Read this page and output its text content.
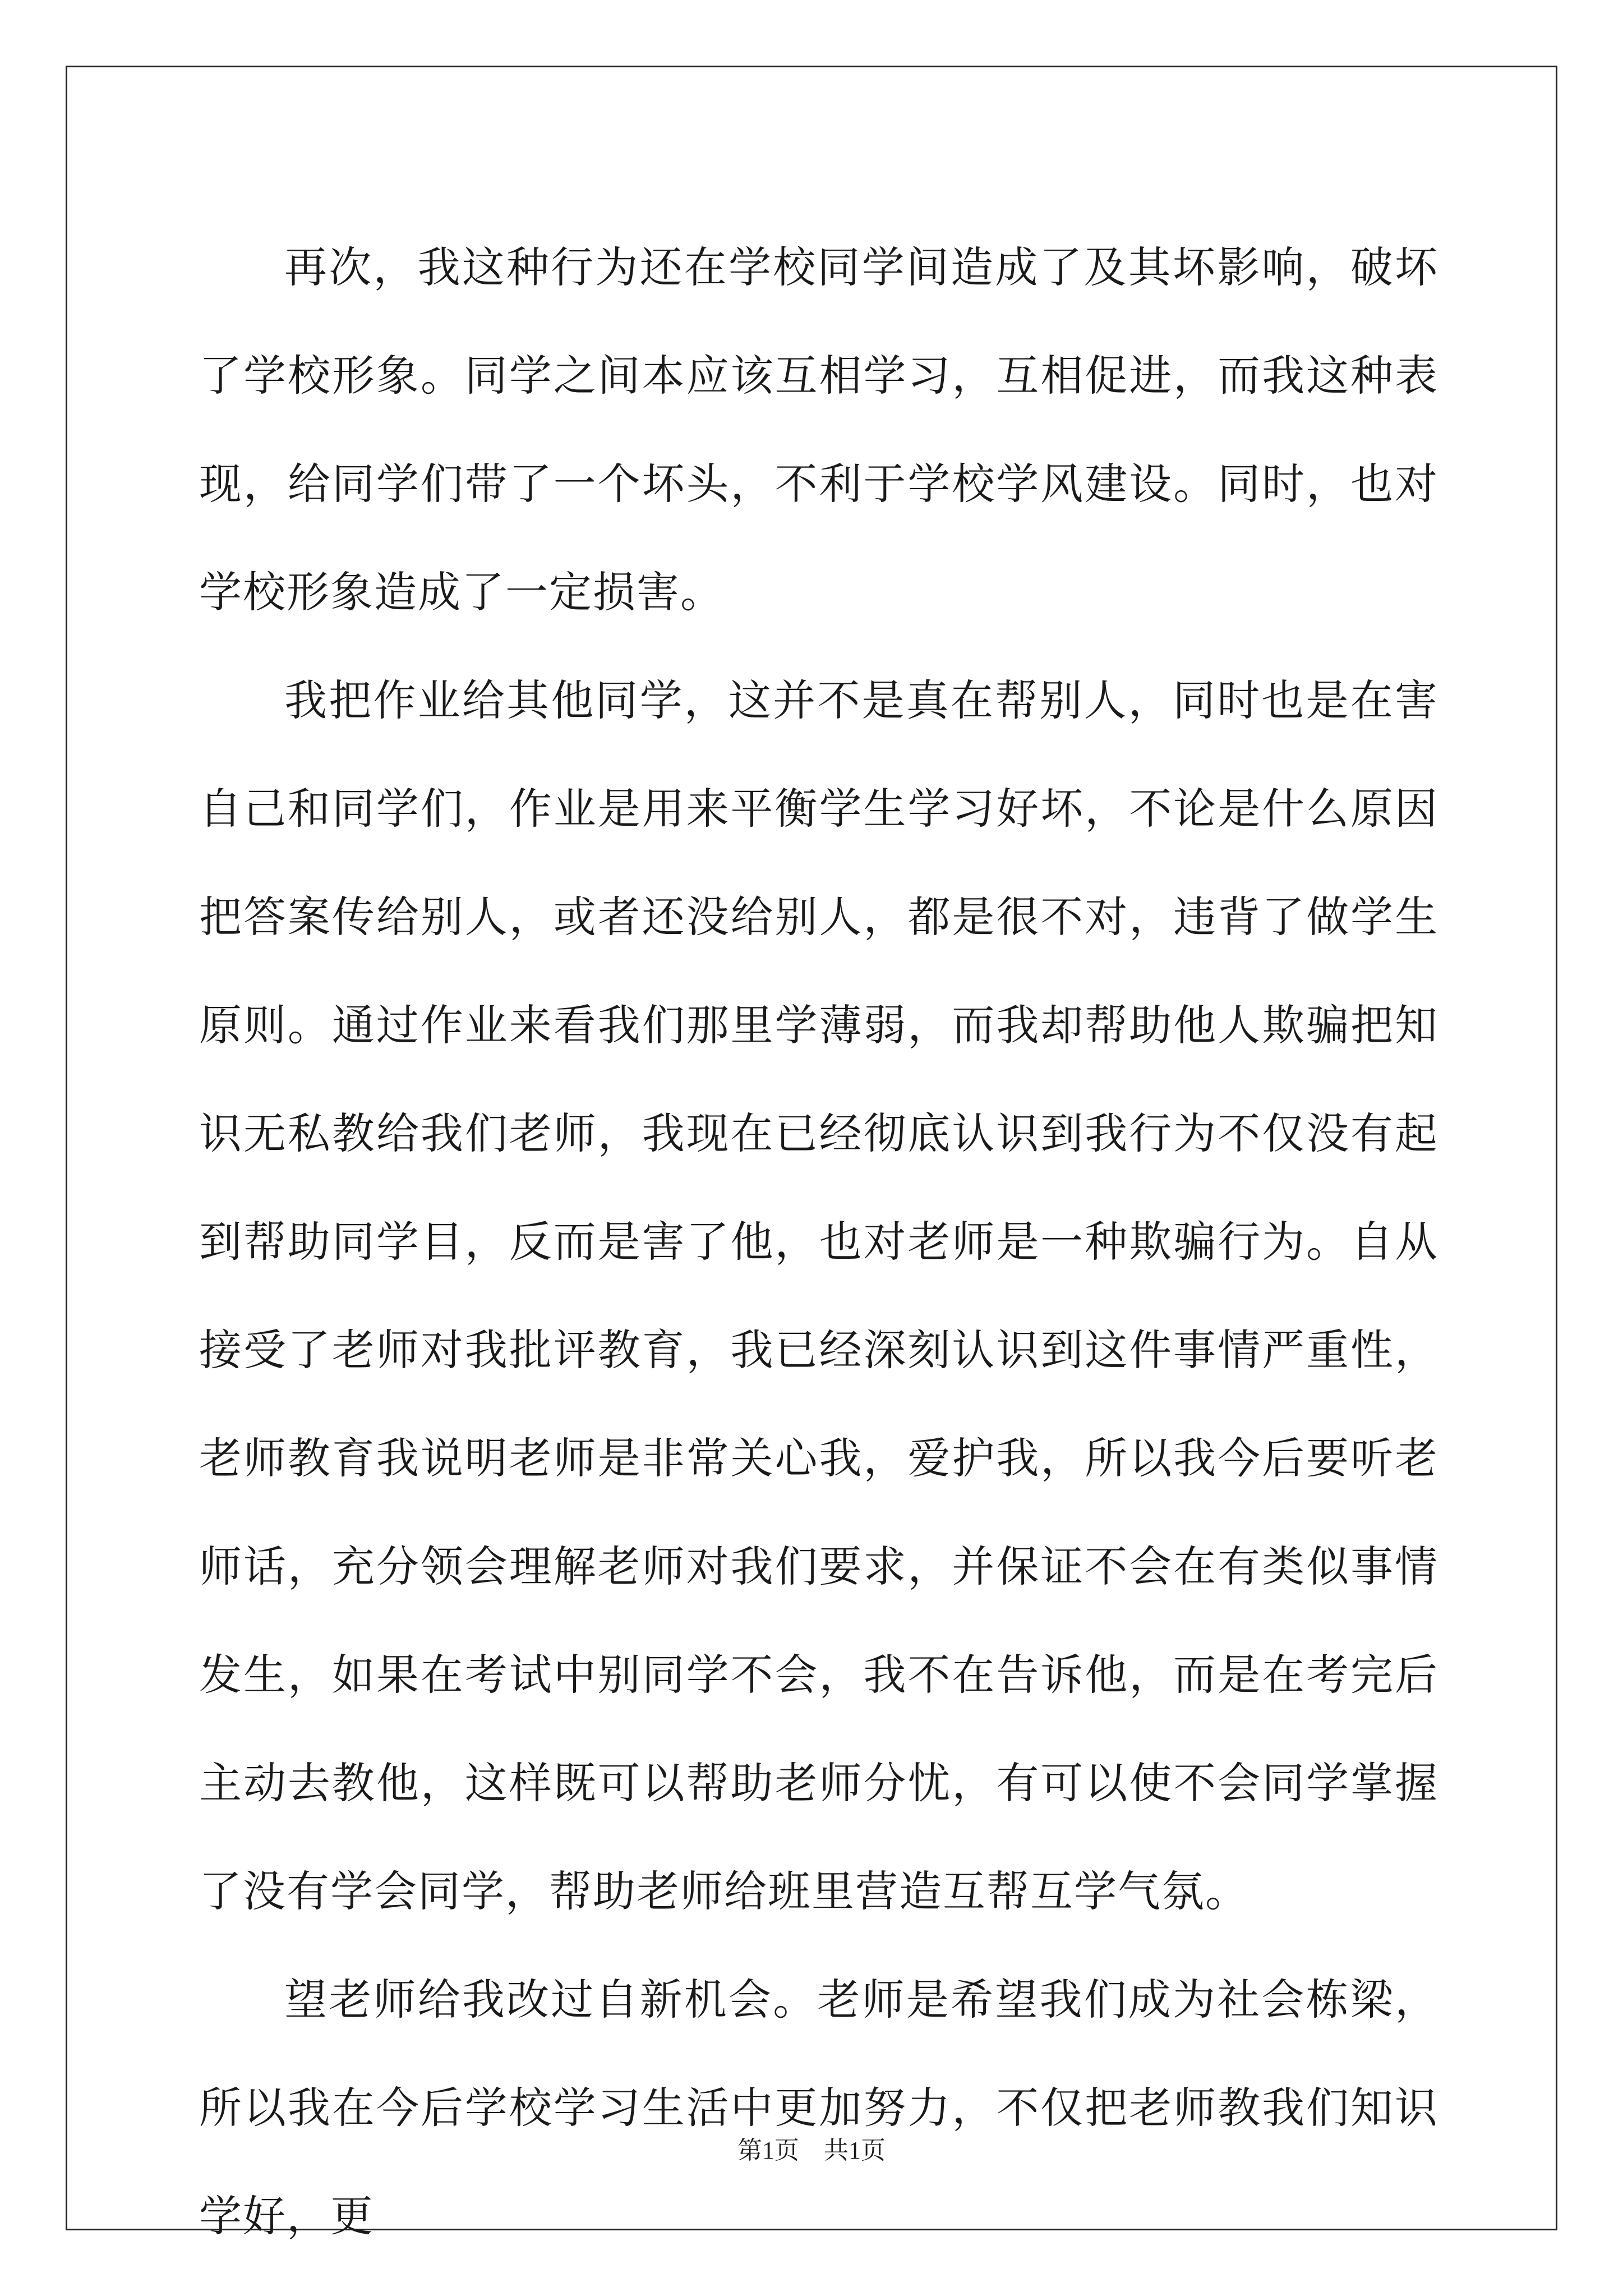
再次，我这种行为还在学校同学间造成了及其坏影响，破坏了学校形象。同学之间本应该互相学习，互相促进，而我这种表现，给同学们带了一个坏头，不利于学校学风建设。同时，也对学校形象造成了一定损害。

我把作业给其他同学，这并不是真在帮别人，同时也是在害自己和同学们，作业是用来平衡学生学习好坏，不论是什么原因把答案传给别人，或者还没给别人，都是很不对，违背了做学生原则。通过作业来看我们那里学薄弱，而我却帮助他人欺骗把知识无私教给我们老师，我现在已经彻底认识到我行为不仅没有起到帮助同学目，反而是害了他，也对老师是一种欺骗行为。自从接受了老师对我批评教育，我已经深刻认识到这件事情严重性，老师教育我说明老师是非常关心我，爱护我，所以我今后要听老师话，充分领会理解老师对我们要求，并保证不会在有类似事情发生，如果在考试中别同学不会，我不在告诉他，而是在考完后主动去教他，这样既可以帮助老师分忧，有可以使不会同学掌握了没有学会同学，帮助老师给班里营造互帮互学气氛。

望老师给我改过自新机会。老师是希望我们成为社会栋梁，所以我在今后学校学习生活中更加努力，不仅把老师教我们知识学好，更

第1页　共1页
